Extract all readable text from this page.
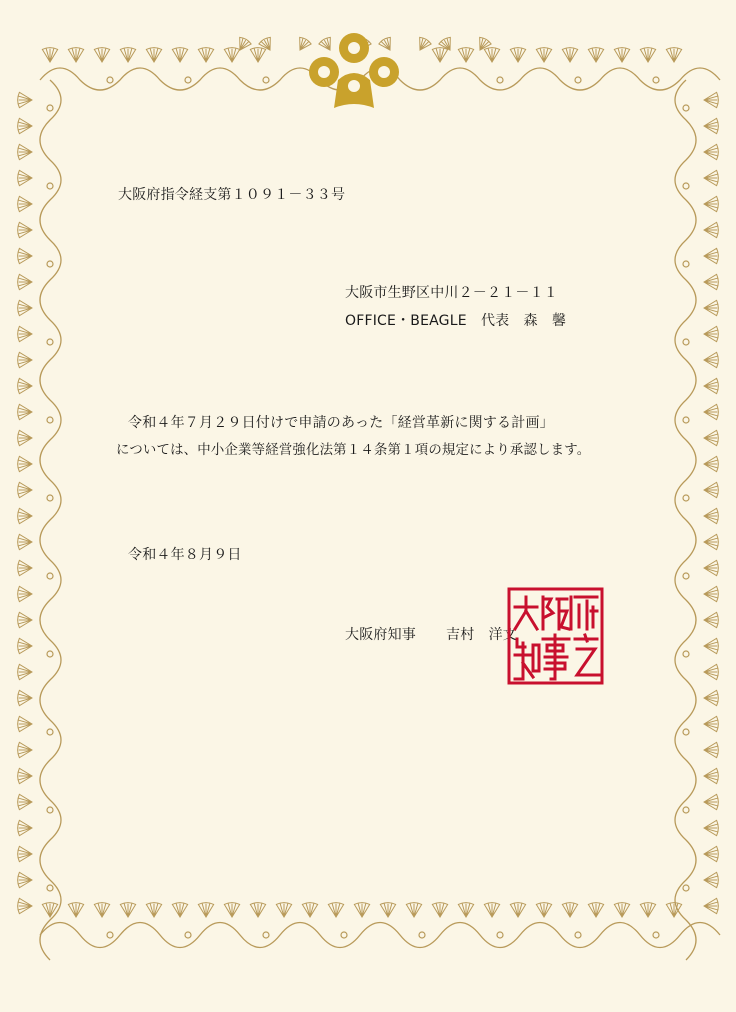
大阪府指令経支第１０９１－３３号
大阪市生野区中川２－２１－１１
OFFICE・BEAGLE　代表　森　馨
令和４年７月２９日付けで申請のあった「経営革新に関する計画」
については、中小企業等経営強化法第１４条第１項の規定により承認します。
令和４年８月９日
大阪府知事 吉村　洋文
